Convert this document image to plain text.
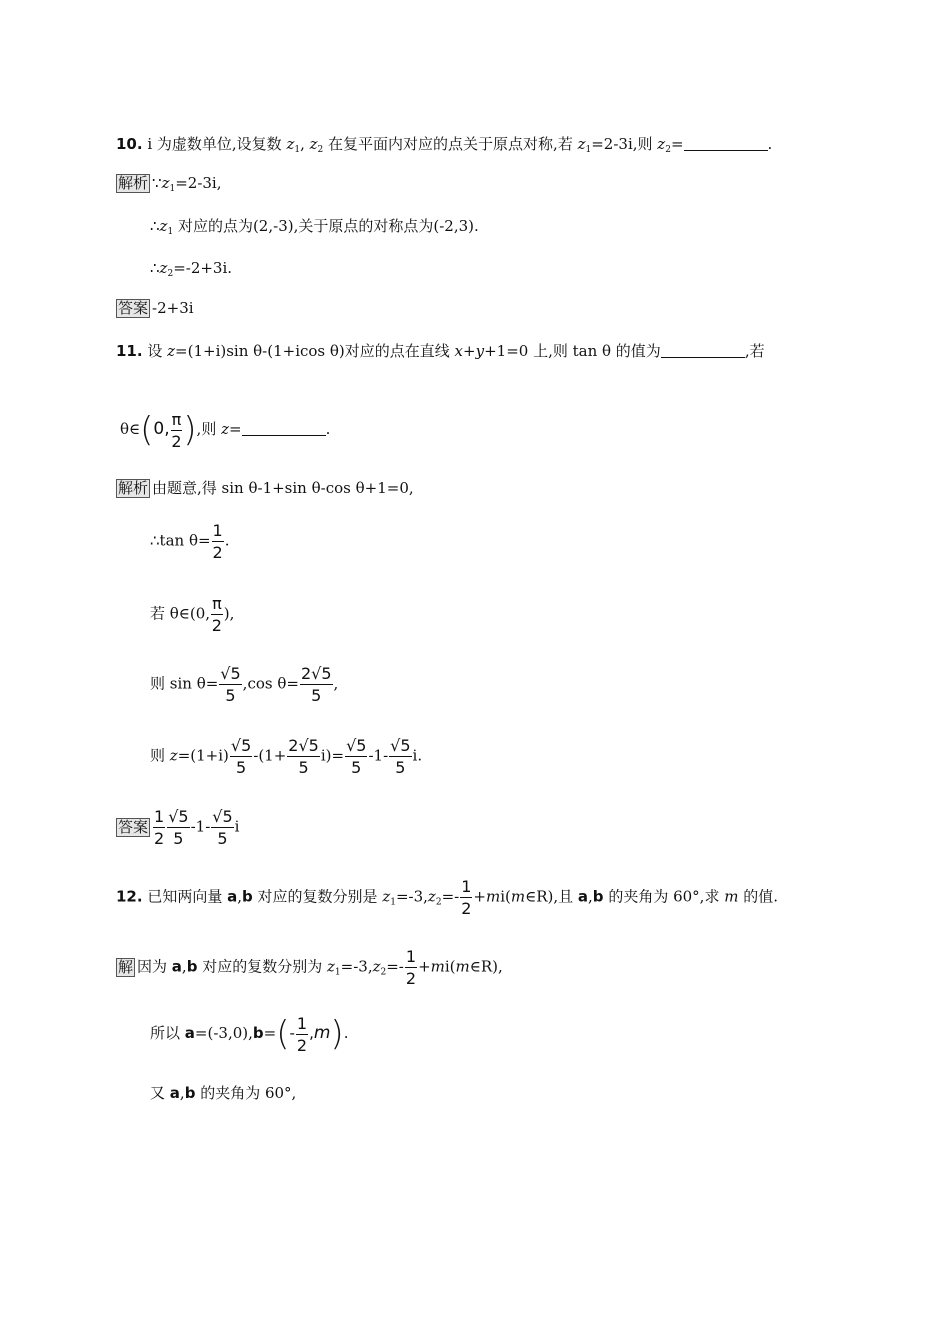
10. i 为虚数单位,设复数 $z_1$, $z_2$ 在复平面内对应的点关于原点对称,若 $z_1=2-3i$,则 $z_2=$	.
解析 $\because z_1=2-3i$,
$\therefore z_1$ 对应的点为(2,-3),关于原点的对称点为(-2,3).
$\therefore z_2=-2+3i$.
答案 -2+3i
11. 设 z=(1+i)sin θ-(1+icos θ)对应的点在直线 x+y+1=0 上,则 tan θ 的值为	,若
θ∈(0, $\frac{\pi}{2}$ ),则 z=	.
解析 由题意,得 sin θ-1+sin θ-cos θ+1=0,
∴tan $\theta= \frac{1}{2}$ .
若 θ∈(0, $\frac{\pi}{2}$ ),
则 $\sin \theta= \frac{√5}{5} ,\cos$ $\theta= \frac{2√5}{5}$ ,
则 $z=(1+i) \frac{√5}{5} -(1+ \frac{2√5}{5} i)= \frac{√5}{5} -1- \frac{√5}{5} i$.
答案 $\frac{1}{2} \frac{√5}{5} -1- \frac{√5}{5}$ i
12. 已知两向量 a,b 对应的复数分别是 $z_1=-3,z_2=- \frac{1}{2}$ +mi(m∈R),且 a,b 的夹角为 60°,求 m 的值.
解 因为 a,b 对应的复数分别为 $z_1=-3,z_2=- \frac{1}{2}$ +mi(m∈R),
所以 $a=(-3,0),b=(- \frac{1}{2} ,m)$.
又 a,b 的夹角为 60°,
